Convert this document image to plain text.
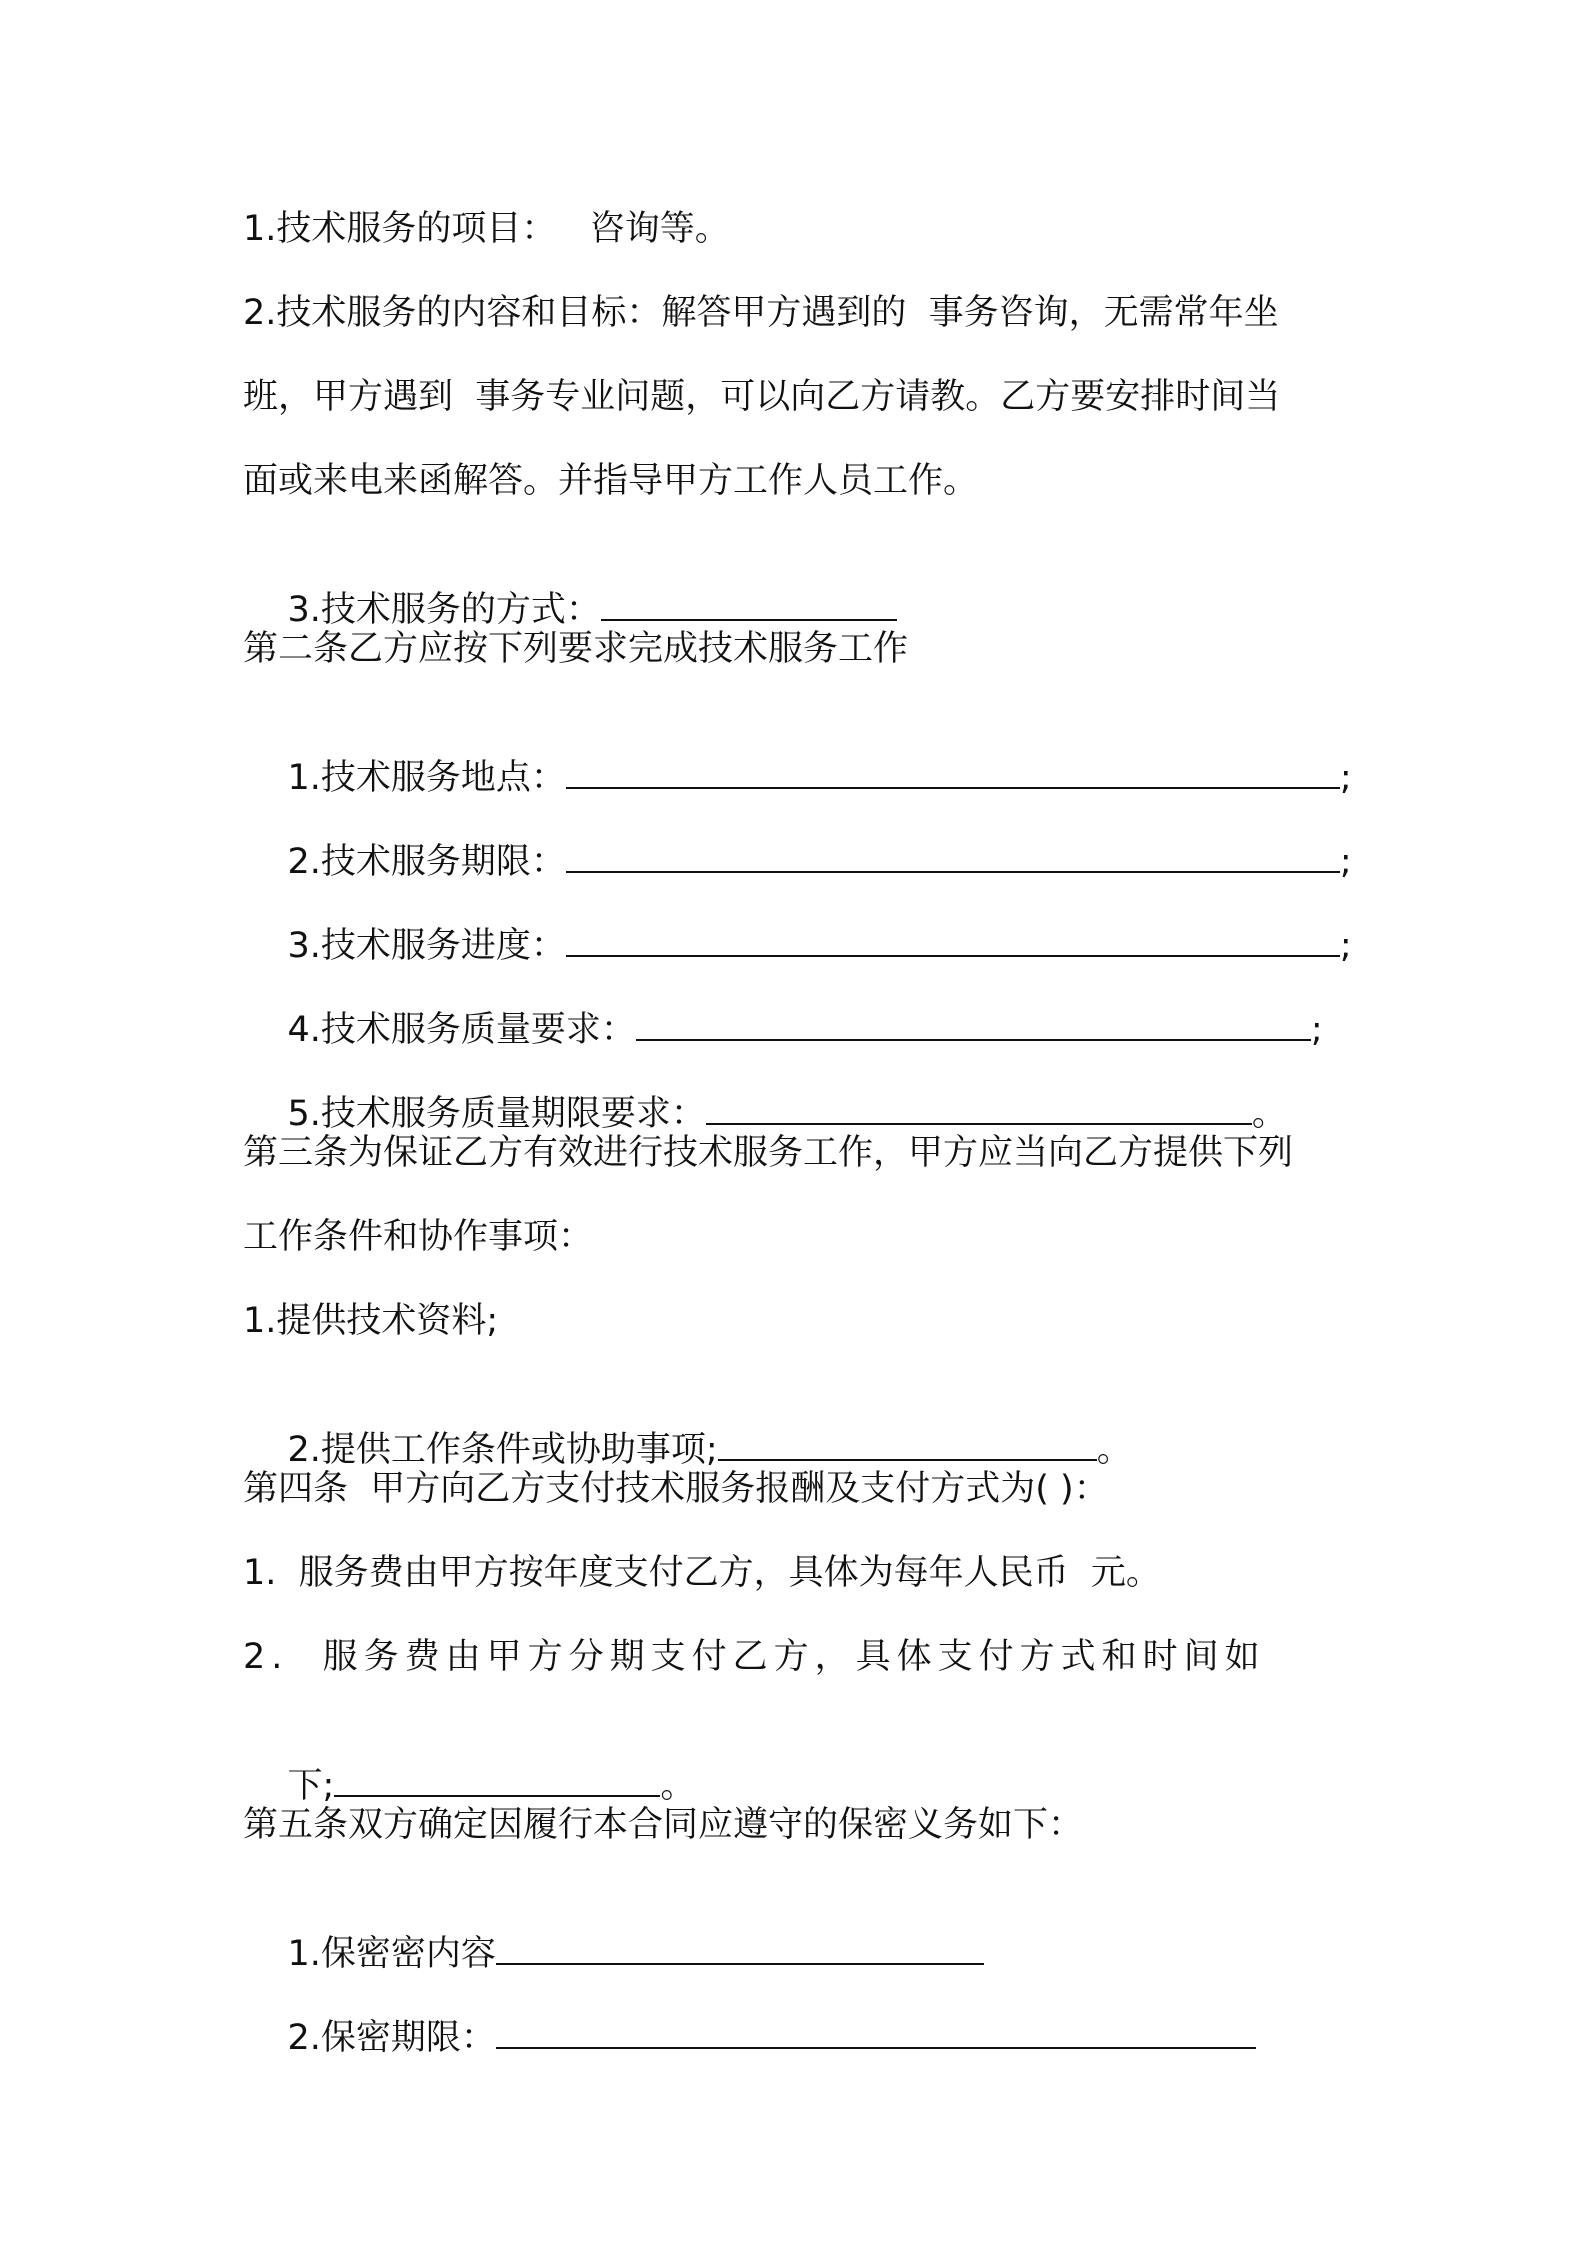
1.技术服务的项目：   咨询等。
2.技术服务的内容和目标：解答甲方遇到的  事务咨询，无需常年坐
班，甲方遇到  事务专业问题，可以向乙方请教。乙方要安排时间当
面或来电来函解答。并指导甲方工作人员工作。

3.技术服务的方式：

第二条乙方应按下列要求完成技术服务工作

1.技术服务地点：	;

2.技术服务期限：	;

3.技术服务进度：	;

4.技术服务质量要求：	;

5.技术服务质量期限要求：	。

第三条为保证乙方有效进行技术服务工作，甲方应当向乙方提供下列
工作条件和协作事项：
1.提供技术资料;

2.提供工作条件或协助事项;	。

第四条  甲方向乙方支付技术服务报酬及支付方式为( )：
1.  服务费由甲方按年度支付乙方，具体为每年人民币  元。
2.  服务费由甲方分期支付乙方，具体支付方式和时间如

下;	。

第五条双方确定因履行本合同应遵守的保密义务如下：

1.保密密内容

2.保密期限：
